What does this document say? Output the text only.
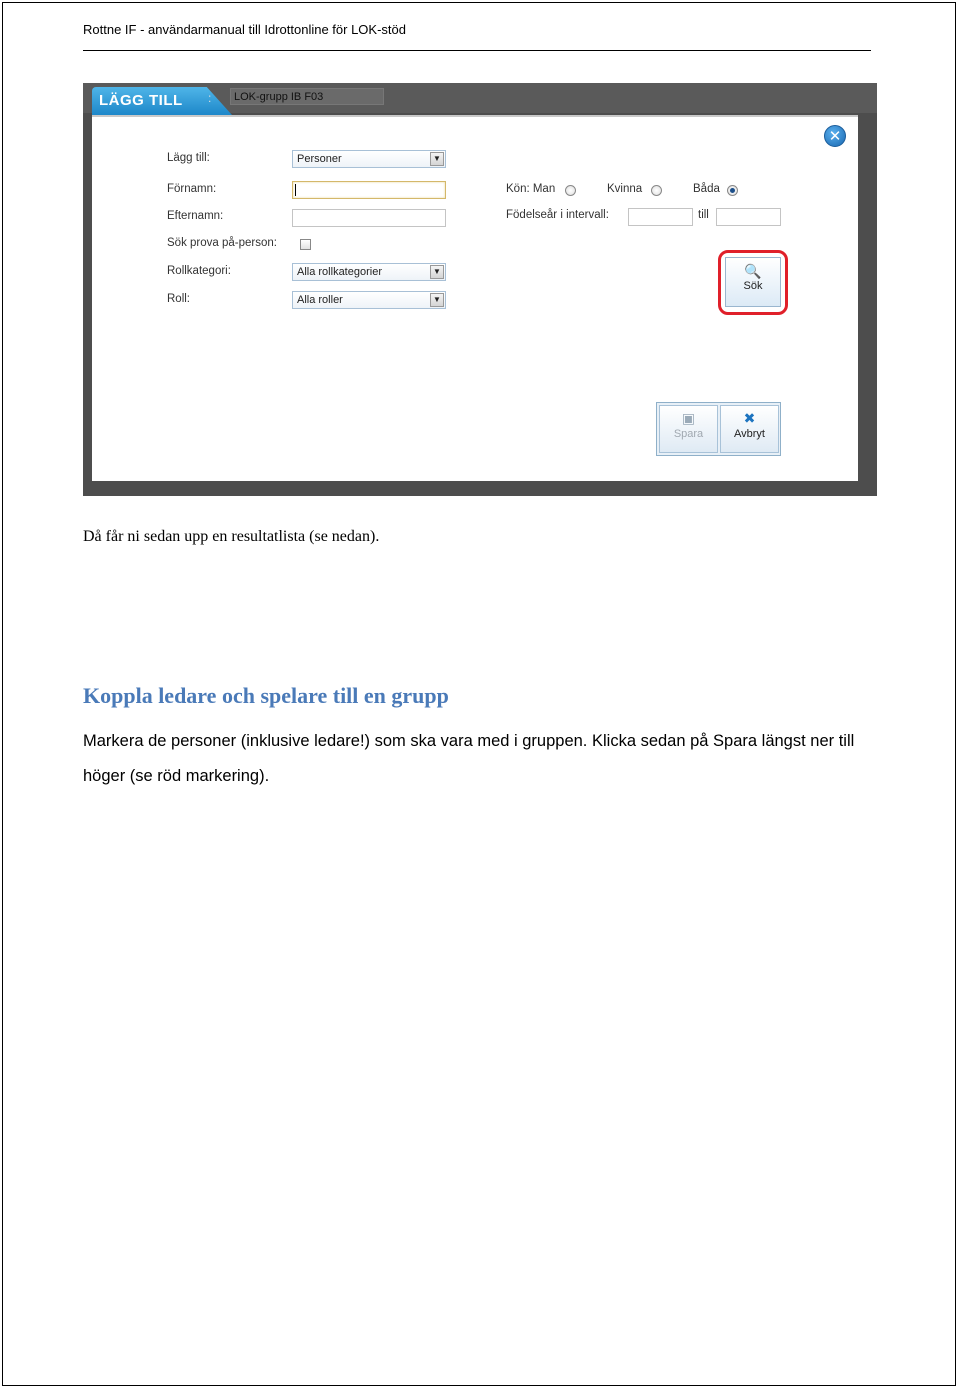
Rottne IF - användarmanual till Idrottonline för LOK-stöd
LÄGG TILL :	LOK-grupp IB F03
✕
Lägg till:	Personer	▼
Förnamn:
Efternamn:
Sök prova på-person:
Rollkategori:	Alla rollkategorier	▼
Roll:	Alla roller	▼
Kön: Man	Kvinna	Båda
Födelseår i intervall:	till
🔍
Sök
▣
Spara
✖
Avbryt
Då får ni sedan upp en resultatlista (se nedan).
Koppla ledare och spelare till en grupp
Markera de personer (inklusive ledare!) som ska vara med i gruppen. Klicka sedan på Spara längst ner till höger (se röd markering).
